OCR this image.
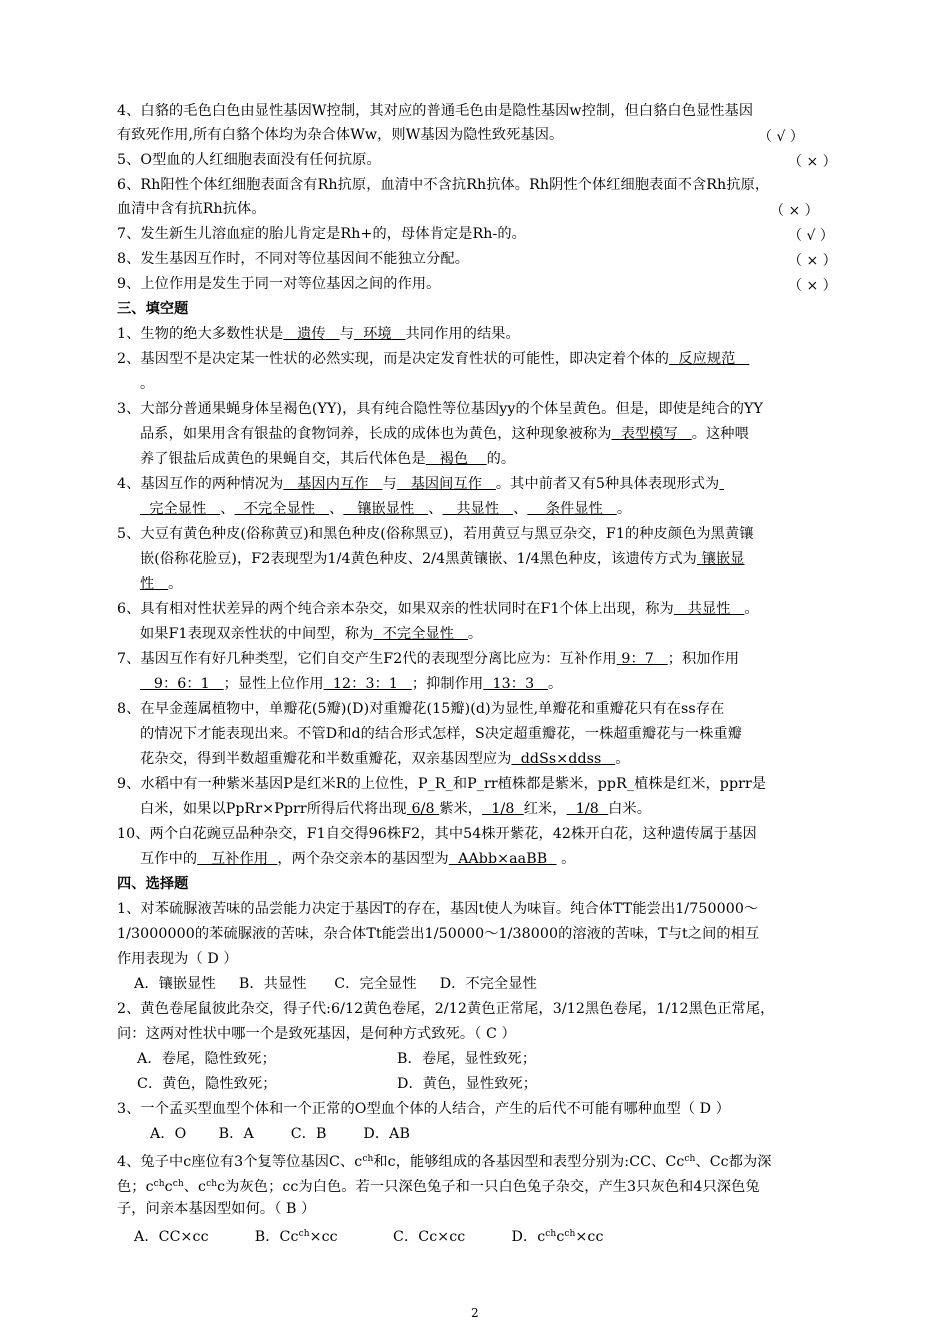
4、白貉的毛色白色由显性基因W控制，其对应的普通毛色由是隐性基因w控制，但白貉白色显性基因
有致死作用,所有白貉个体均为杂合体Ww，则W基因为隐性致死基因。	（ √ ）
5、O型血的人红细胞表面没有任何抗原。	（ × ）
6、Rh阳性个体红细胞表面含有Rh抗原，血清中不含抗Rh抗体。Rh阴性个体红细胞表面不含Rh抗原，
血清中含有抗Rh抗体。	（ × ）
7、发生新生儿溶血症的胎儿肯定是Rh+的，母体肯定是Rh-的。	（ √ ）
8、发生基因互作时，不同对等位基因间不能独立分配。	（ × ）
9、上位作用是发生于同一对等位基因之间的作用。	（ × ）
三、填空题
1、生物的绝大多数性状是 遗传 与 环境 共同作用的结果。
2、基因型不是决定某一性状的必然实现，而是决定发育性状的可能性，即决定着个体的 反应规范
。
3、大部分普通果蝇身体呈褐色(YY)，具有纯合隐性等位基因yy的个体呈黄色。但是，即使是纯合的YY
品系，如果用含有银盐的食物饲养，长成的成体也为黄色，这种现象被称为 表型模写 。这种喂
养了银盐后成黄色的果蝇自交，其后代体色是 褐色 的。
4、基因互作的两种情况为 基因内互作 与 基因间互作 。其中前者又有5种具体表现形式为
完全显性 、 不完全显性 、 镶嵌显性 、 共显性 、 条件显性 。
5、大豆有黄色种皮(俗称黄豆)和黑色种皮(俗称黑豆)，若用黄豆与黑豆杂交，F1的种皮颜色为黑黄镶
嵌(俗称花脸豆)，F2表现型为1/4黄色种皮、2/4黑黄镶嵌、1/4黑色种皮，该遗传方式为 镶嵌显
性 。
6、具有相对性状差异的两个纯合亲本杂交，如果双亲的性状同时在F1个体上出现，称为 共显性 。
如果F1表现双亲性状的中间型，称为 不完全显性 。
7、基因互作有好几种类型，它们自交产生F2代的表现型分离比应为：互补作用 9：7 ；积加作用
9：6：1 ；显性上位作用 12：3：1 ；抑制作用 13：3 。
8、在早金莲属植物中，单瓣花(5瓣)(D)对重瓣花(15瓣)(d)为显性,单瓣花和重瓣花只有在ss存在
的情况下才能表现出来。不管D和d的结合形式怎样，S决定超重瓣花，一株超重瓣花与一株重瓣
花杂交，得到半数超重瓣花和半数重瓣花，双亲基因型应为 ddSs×ddss 。
9、水稻中有一种紫米基因P是红米R的上位性，P_R_和P_rr植株都是紫米，ppR_植株是红米，pprr是
白米，如果以PpRr×Pprr所得后代将出现 6/8 紫米， 1/8 红米， 1/8 白米。
10、两个白花豌豆品种杂交，F1自交得96株F2，其中54株开紫花，42株开白花，这种遗传属于基因
互作中的 互补作用 ，两个杂交亲本的基因型为 AAbb×aaBB 。
四、选择题
1、对苯硫脲液苦味的品尝能力决定于基因T的存在，基因t使人为味盲。纯合体TT能尝出1/750000～
1/3000000的苯硫脲液的苦味，杂合体Tt能尝出1/50000～1/38000的溶液的苦味，T与t之间的相互
作用表现为（ D ）
A．镶嵌显性 B．共显性 C．完全显性 D．不完全显性
2、黄色卷尾鼠彼此杂交，得子代:6/12黄色卷尾，2/12黄色正常尾，3/12黑色卷尾，1/12黑色正常尾，
问：这两对性状中哪一个是致死基因，是何种方式致死。（ C ）
A．卷尾，隐性致死；	B．卷尾，显性致死；
C．黄色，隐性致死；	D．黄色，显性致死；
3、一个孟买型血型个体和一个正常的O型血个体的人结合，产生的后代不可能有哪种血型（ D ）
A．O B．A	C．B	D．AB
4、兔子中c座位有3个复等位基因C、$c^{ch}$和c，能够组成的各基因型和表型分别为:CC、$Cc^{ch}$、Cc都为深
色；$c^{ch}c^{ch}$、$c^{ch}c$为灰色；cc为白色。若一只深色兔子和一只白色兔子杂交，产生3只灰色和4只深色兔
子，问亲本基因型如何。（ B ）
A．CC×cc	B．$Cc^{ch}\times cc$	C．Cc×cc	D．$c^{ch}c^{ch}\times cc$
2
